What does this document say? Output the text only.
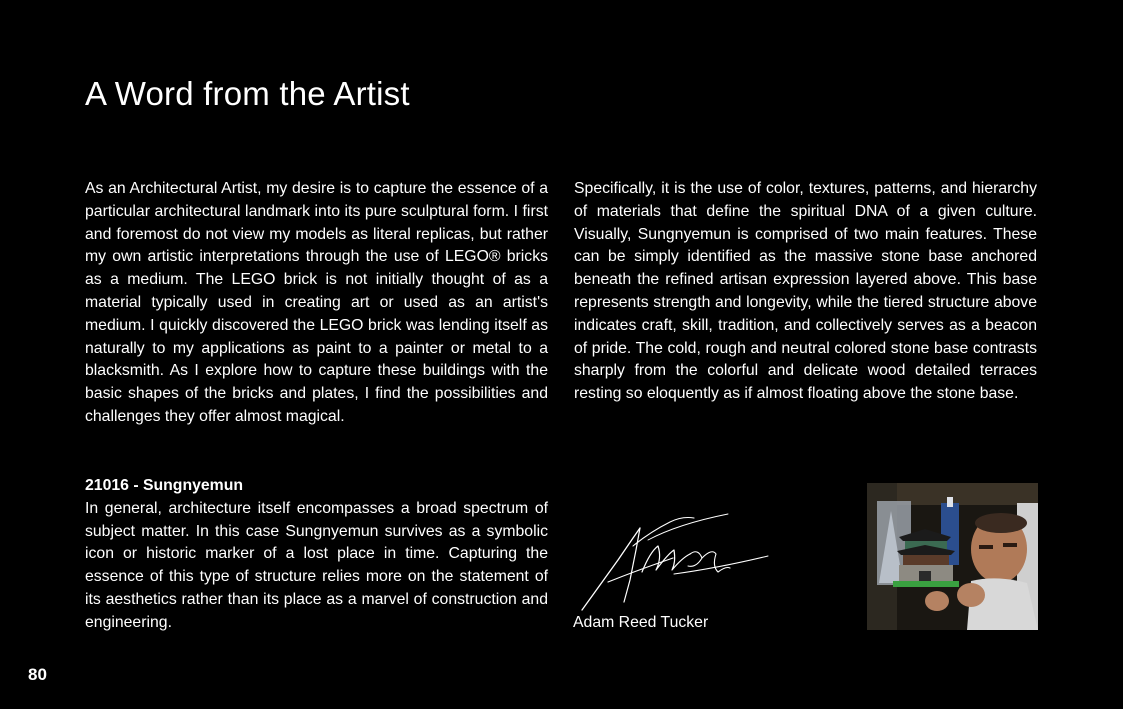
A Word from the Artist

As an Architectural Artist, my desire is to capture the essence of a particular architectural landmark into its pure sculptural form. I first and foremost do not view my models as literal replicas, but rather my own artistic interpretations through the use of LEGO® bricks as a medium. The LEGO brick is not initially thought of as a material typically used in creating art or used as an artist's medium. I quickly discovered the LEGO brick was lending itself as naturally to my applications as paint to a painter or metal to a blacksmith. As I explore how to capture these buildings with the basic shapes of the bricks and plates, I find the possibilities and challenges they offer almost magical.

Specifically, it is the use of color, textures, patterns, and hierarchy of materials that define the spiritual DNA of a given culture. Visually, Sungnyemun is comprised of two main features. These can be simply identified as the massive stone base anchored beneath the refined artisan expression layered above. This base represents strength and longevity, while the tiered structure above indicates craft, skill, tradition, and collectively serves as a beacon of pride. The cold, rough and neutral colored stone base contrasts sharply from the colorful and delicate wood detailed terraces resting so eloquently as if almost floating above the stone base.

21016 - Sungnyemun

In general, architecture itself encompasses a broad spectrum of subject matter. In this case Sungnyemun survives as a symbolic icon or historic marker of a lost place in time. Capturing the essence of this type of structure relies more on the statement of its aesthetics rather than its place as a marvel of construction and engineering.	Adam Reed Tucker
80
